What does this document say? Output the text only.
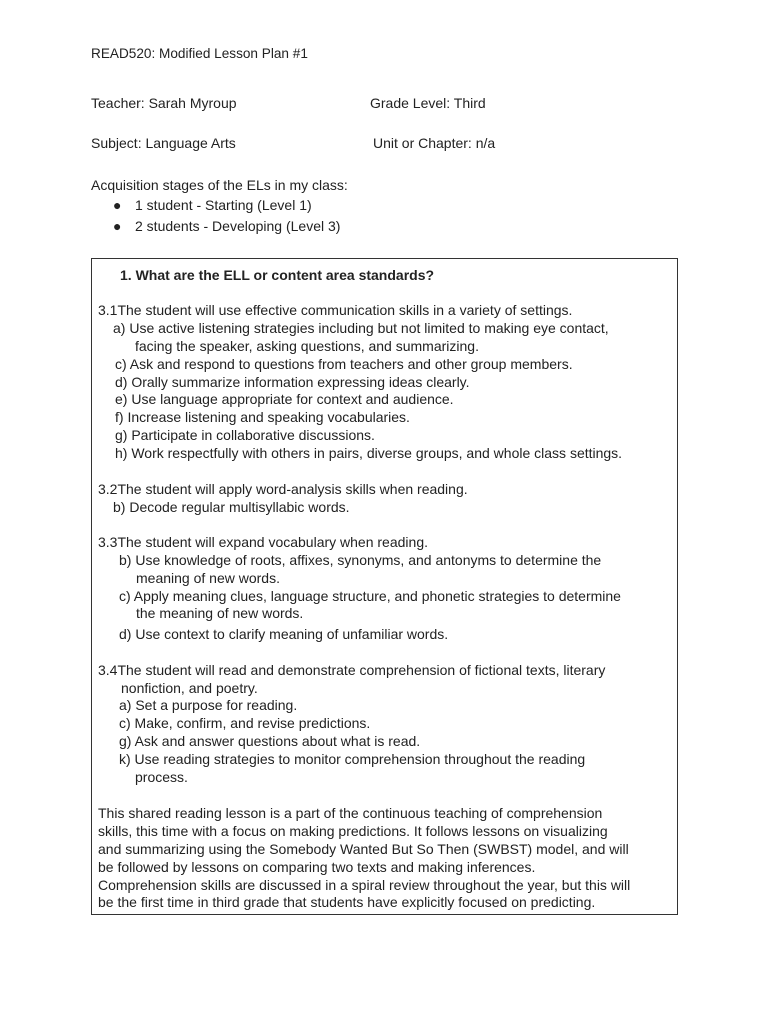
READ520: Modified Lesson Plan #1
Teacher: Sarah Myroup	Grade Level: Third
Subject: Language Arts	Unit or Chapter: n/a
Acquisition stages of the ELs in my class:
● 1 student - Starting (Level 1)
● 2 students - Developing (Level 3)
1. What are the ELL or content area standards?
3.1The student will use effective communication skills in a variety of settings.
a) Use active listening strategies including but not limited to making eye contact,
facing the speaker, asking questions, and summarizing.
c) Ask and respond to questions from teachers and other group members.
d) Orally summarize information expressing ideas clearly.
e) Use language appropriate for context and audience.
f) Increase listening and speaking vocabularies.
g) Participate in collaborative discussions.
h) Work respectfully with others in pairs, diverse groups, and whole class settings.
3.2The student will apply word-analysis skills when reading.
b) Decode regular multisyllabic words.
3.3The student will expand vocabulary when reading.
b) Use knowledge of roots, affixes, synonyms, and antonyms to determine the
meaning of new words.
c) Apply meaning clues, language structure, and phonetic strategies to determine
the meaning of new words.
d) Use context to clarify meaning of unfamiliar words.
3.4The student will read and demonstrate comprehension of fictional texts, literary
nonfiction, and poetry.
a) Set a purpose for reading.
c) Make, confirm, and revise predictions.
g) Ask and answer questions about what is read.
k) Use reading strategies to monitor comprehension throughout the reading
process.
This shared reading lesson is a part of the continuous teaching of comprehension
skills, this time with a focus on making predictions. It follows lessons on visualizing
and summarizing using the Somebody Wanted But So Then (SWBST) model, and will
be followed by lessons on comparing two texts and making inferences.
Comprehension skills are discussed in a spiral review throughout the year, but this will
be the first time in third grade that students have explicitly focused on predicting.
